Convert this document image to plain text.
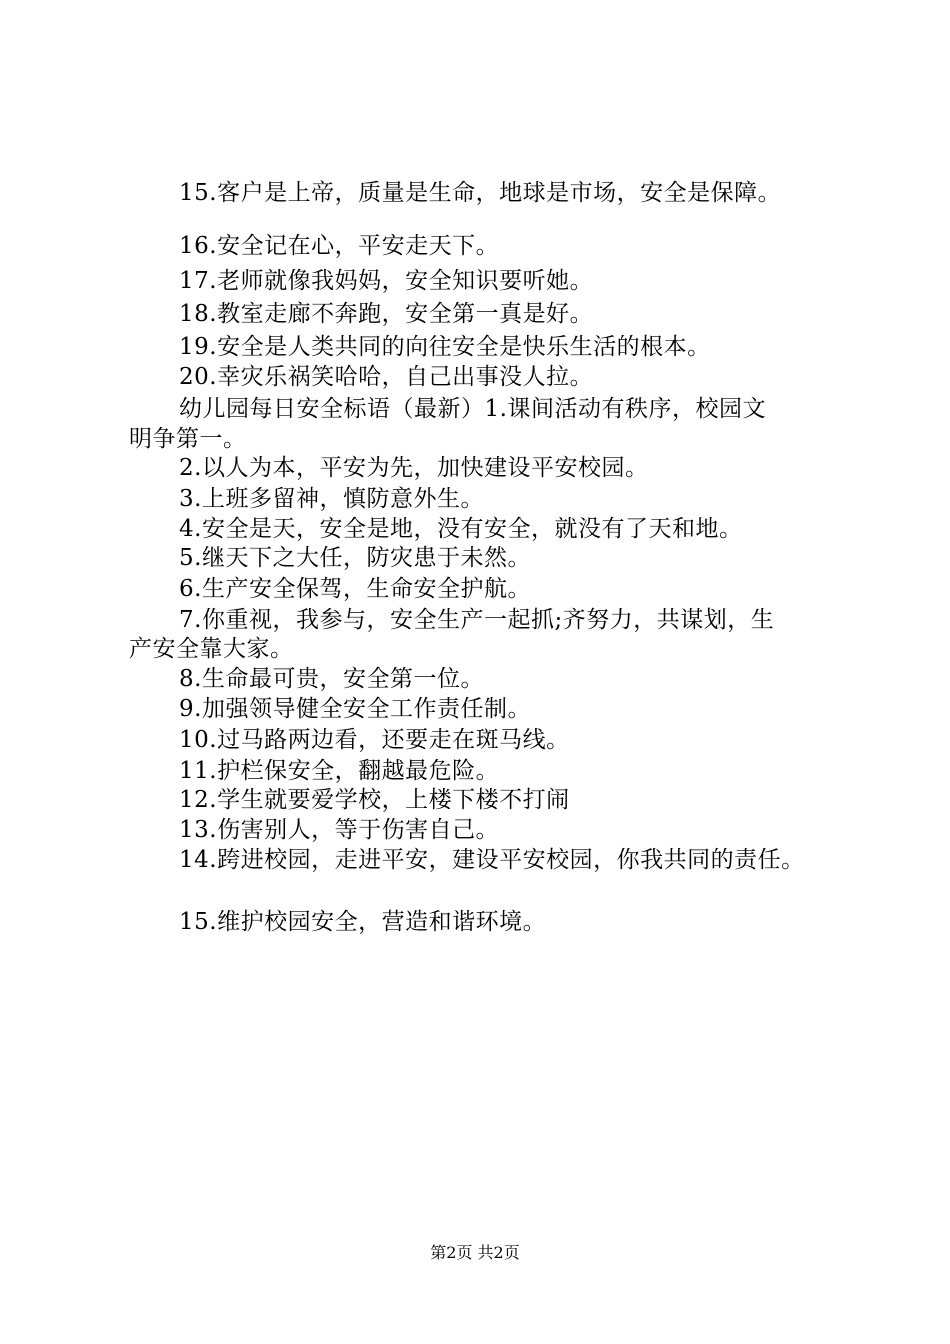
15.客户是上帝，质量是生命，地球是市场，安全是保障。
16.安全记在心，平安走天下。
17.老师就像我妈妈，安全知识要听她。
18.教室走廊不奔跑，安全第一真是好。
19.安全是人类共同的向往安全是快乐生活的根本。
20.幸灾乐祸笑哈哈，自己出事没人拉。
幼儿园每日安全标语（最新）1.课间活动有秩序，校园文
明争第一。
2.以人为本，平安为先，加快建设平安校园。
3.上班多留神，慎防意外生。
4.安全是天，安全是地，没有安全，就没有了天和地。
5.继天下之大任，防灾患于未然。
6.生产安全保驾，生命安全护航。
7.你重视，我参与，安全生产一起抓;齐努力，共谋划，生
产安全靠大家。
8.生命最可贵，安全第一位。
9.加强领导健全安全工作责任制。
10.过马路两边看，还要走在斑马线。
11.护栏保安全，翻越最危险。
12.学生就要爱学校，上楼下楼不打闹
13.伤害别人，等于伤害自己。
14.跨进校园，走进平安，建设平安校园，你我共同的责任。
15.维护校园安全，营造和谐环境。
第2页 共2页
